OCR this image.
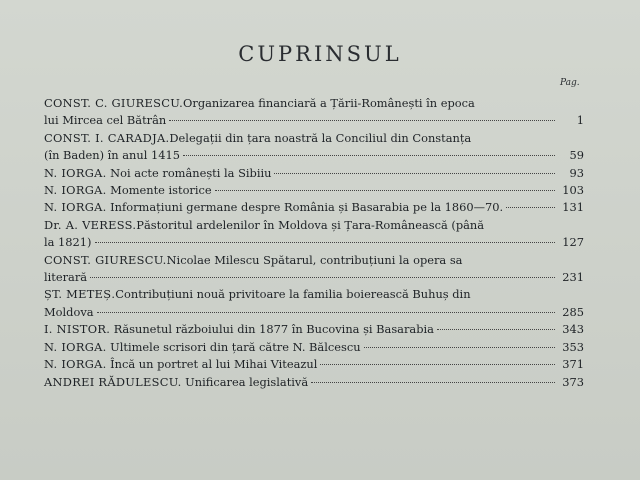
CUPRINSUL
Pag.
CONST. C. GIURESCU. Organizarea financiară a Țării-Românești în epoca
lui Mircea cel Bătrân	1
CONST. I. CARADJA. Delegații din țara noastră la Conciliul din Constanța
(în Baden) în anul 1415	59
N. IORGA.
Noi acte românești la Sibiiu	93
N. IORGA.
Momente istorice	103
N. IORGA.
Informațiuni germane despre România și Basarabia pe la 1860—70.	131
Dr. A. VERESS. Păstoritul ardelenilor în Moldova și Țara-Românească (până
la 1821)	127
CONST. GIURESCU. Nicolae Milescu Spătarul, contribuțiuni la opera sa
literară	231
ȘT. METEȘ. Contribuțiuni nouă privitoare la familia boierească Buhuș din
Moldova	285
I. NISTOR.
Răsunetul războiului din 1877 în Bucovina și Basarabia	343
N. IORGA.
Ultimele scrisori din țară către N. Bălcescu	353
N. IORGA.
Încă un portret al lui Mihai Viteazul	371
ANDREI RĂDULESCU.
Unificarea legislativă	373
